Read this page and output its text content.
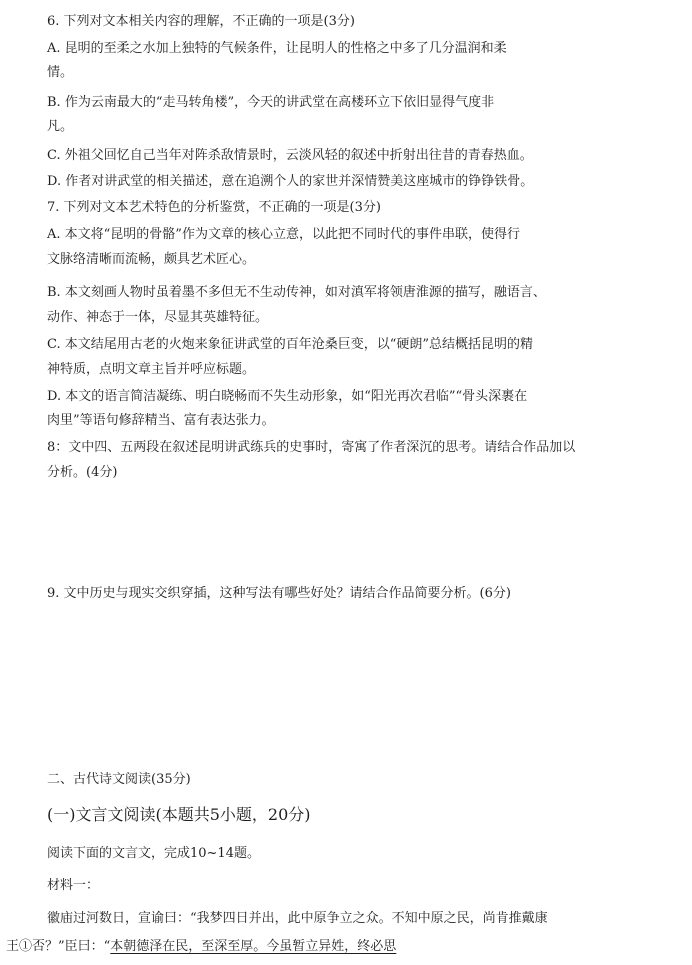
6. 下列对文本相关内容的理解，不正确的一项是(3分)
A. 昆明的至柔之水加上独特的气候条件，让昆明人的性格之中多了几分温润和柔
情。
B. 作为云南最大的“走马转角楼”，今天的讲武堂在高楼环立下依旧显得气度非
凡。
C. 外祖父回忆自己当年对阵杀敌情景时，云淡风轻的叙述中折射出往昔的青春热血。
D. 作者对讲武堂的相关描述，意在追溯个人的家世并深情赞美这座城市的铮铮铁骨。
7. 下列对文本艺术特色的分析鉴赏，不正确的一项是(3分)
A. 本文将“昆明的骨骼”作为文章的核心立意，以此把不同时代的事件串联，使得行
文脉络清晰而流畅，颇具艺术匠心。
B. 本文刻画人物时虽着墨不多但无不生动传神，如对滇军将领唐淮源的描写，融语言、
动作、神态于一体，尽显其英雄特征。
C. 本文结尾用古老的火炮来象征讲武堂的百年沧桑巨变，以“硬朗”总结概括昆明的精
神特质，点明文章主旨并呼应标题。
D. 本文的语言简洁凝练、明白晓畅而不失生动形象，如“阳光再次君临”“骨头深裹在
肉里”等语句修辞精当、富有表达张力。
8：文中四、五两段在叙述昆明讲武练兵的史事时，寄寓了作者深沉的思考。请结合作品加以
分析。(4分)
9. 文中历史与现实交织穿插，这种写法有哪些好处？请结合作品简要分析。(6分)
二、古代诗文阅读(35分)
(一)文言文阅读(本题共5小题，20分)
阅读下面的文言文，完成10~14题。
材料一：
徽庙过河数日，宣谕曰：“我梦四日并出，此中原争立之众。不知中原之民，尚肯推戴康
王①否？”臣曰：“本朝德泽在民，至深至厚。今虽暂立异姓，终必思
